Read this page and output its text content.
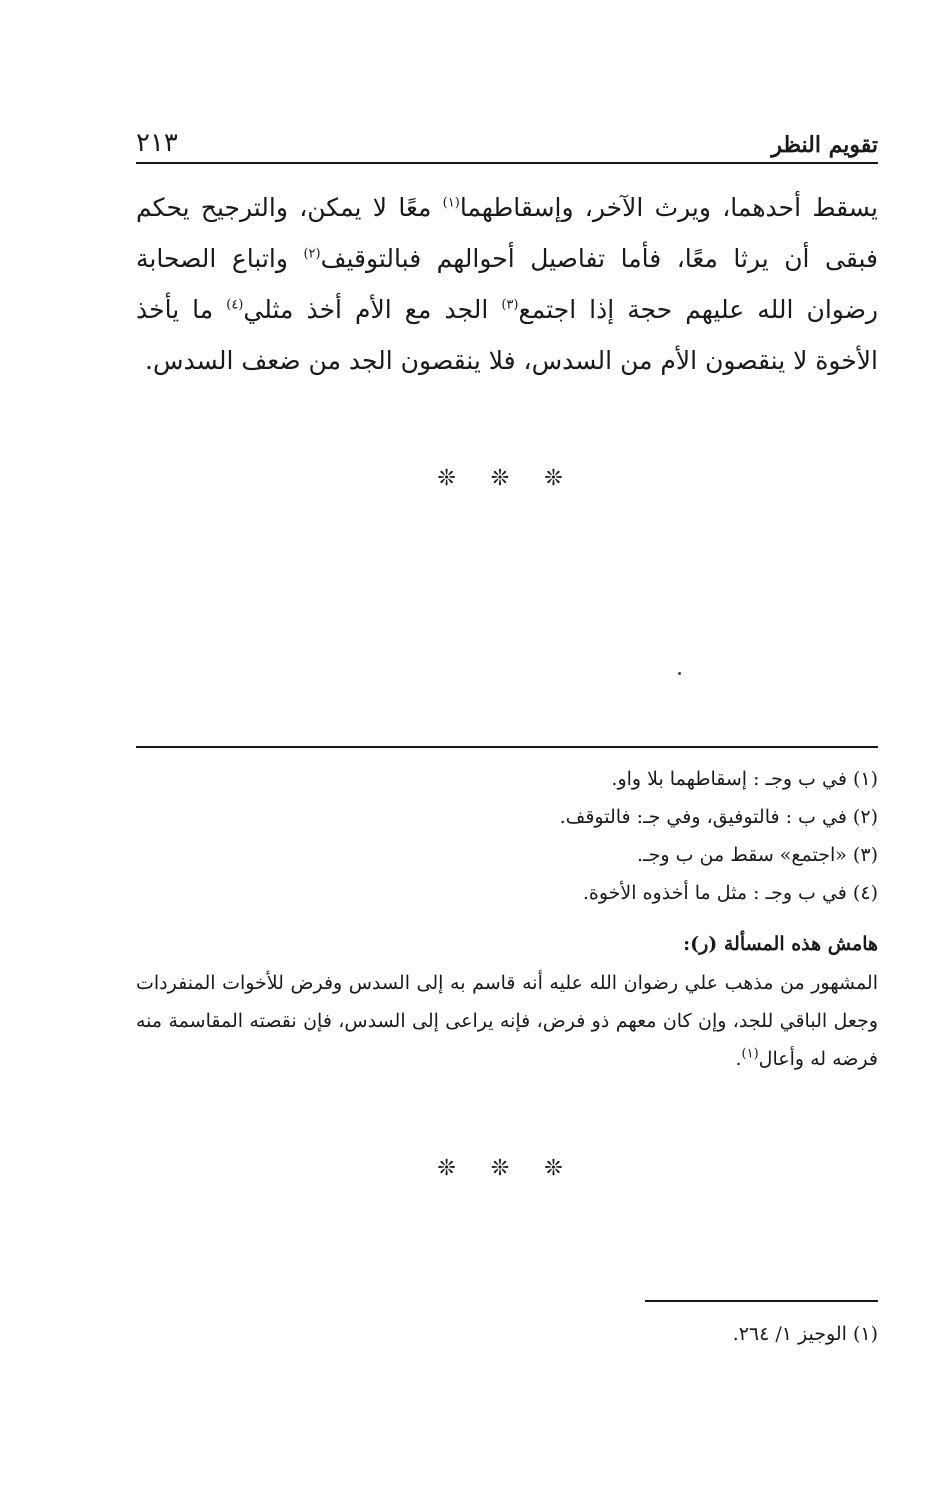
٢١٣	تقويم النظر

يسقط أحدهما، ويرث الآخر، وإسقاطهما$^{(١)}$ معًا لا يمكن، والترجيح يحكم فبقى أن يرثا معًا، فأما تفاصيل أحوالهم فبالتوقيف$^{(٢)}$ واتباع الصحابة رضوان الله عليهم حجة إذا اجتمع$^{(٣)}$ الجد مع الأم أخذ مثلي$^{(٤)}$ ما يأخذ الأخوة لا ينقصون الأم من السدس، فلا ينقصون الجد من ضعف السدس.

❊ ❊ ❊
(١) في ب وجـ : إسقاطهما بلا واو.
(٢) في ب : فالتوفيق، وفي جـ: فالتوقف.
(٣) «اجتمع» سقط من ب وجـ.
(٤) في ب وجـ : مثل ما أخذوه الأخوة.

هامش هذه المسألة (ر):

المشهور من مذهب علي رضوان الله عليه أنه قاسم به إلى السدس وفرض للأخوات المنفردات وجعل الباقي للجد، وإن كان معهم ذو فرض، فإنه يراعى إلى السدس، فإن نقصته المقاسمة منه فرضه له وأعال$^{(١)}$.

❊ ❊ ❊

(١) الوجيز ١/ ٢٦٤.
